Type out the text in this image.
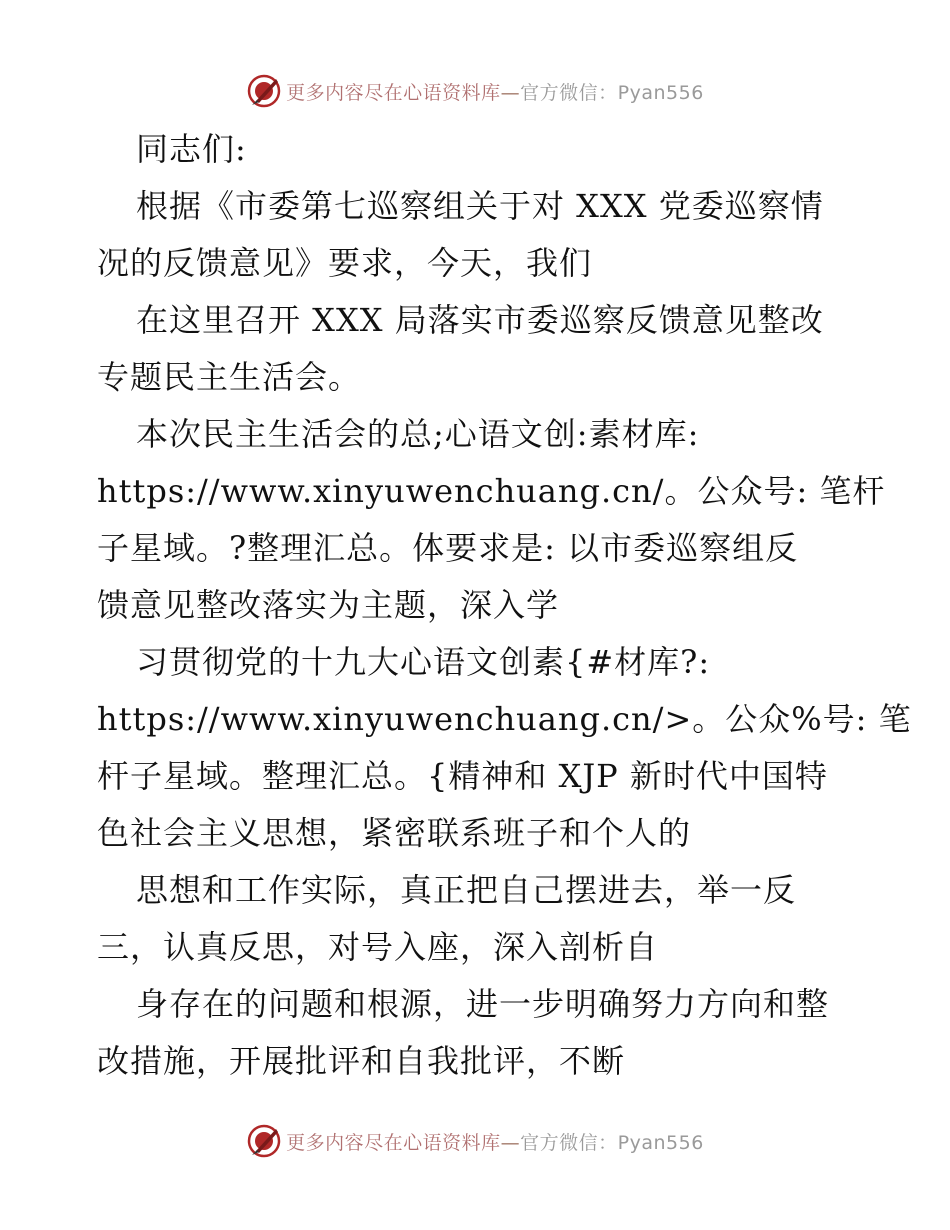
更多内容尽在心语资料库—官方微信：Pyan556
同志们:
根据《市委第七巡察组关于对 XXX 党委巡察情
况的反馈意见》要求，今天，我们
在这里召开 XXX 局落实市委巡察反馈意见整改
专题民主生活会。
本次民主生活会的总;心语文创:素材库:
https://www.xinyuwenchuang.cn/。公众号: 笔杆
子星域。?整理汇总。体要求是: 以市委巡察组反
馈意见整改落实为主题，深入学
习贯彻党的十九大心语文创素{#材库?:
https://www.xinyuwenchuang.cn/>。公众%号: 笔
杆子星域。整理汇总。{精神和 XJP 新时代中国特
色社会主义思想，紧密联系班子和个人的
思想和工作实际，真正把自己摆进去，举一反
三，认真反思，对号入座，深入剖析自
身存在的问题和根源，进一步明确努力方向和整
改措施，开展批评和自我批评，不断
更多内容尽在心语资料库—官方微信：Pyan556
